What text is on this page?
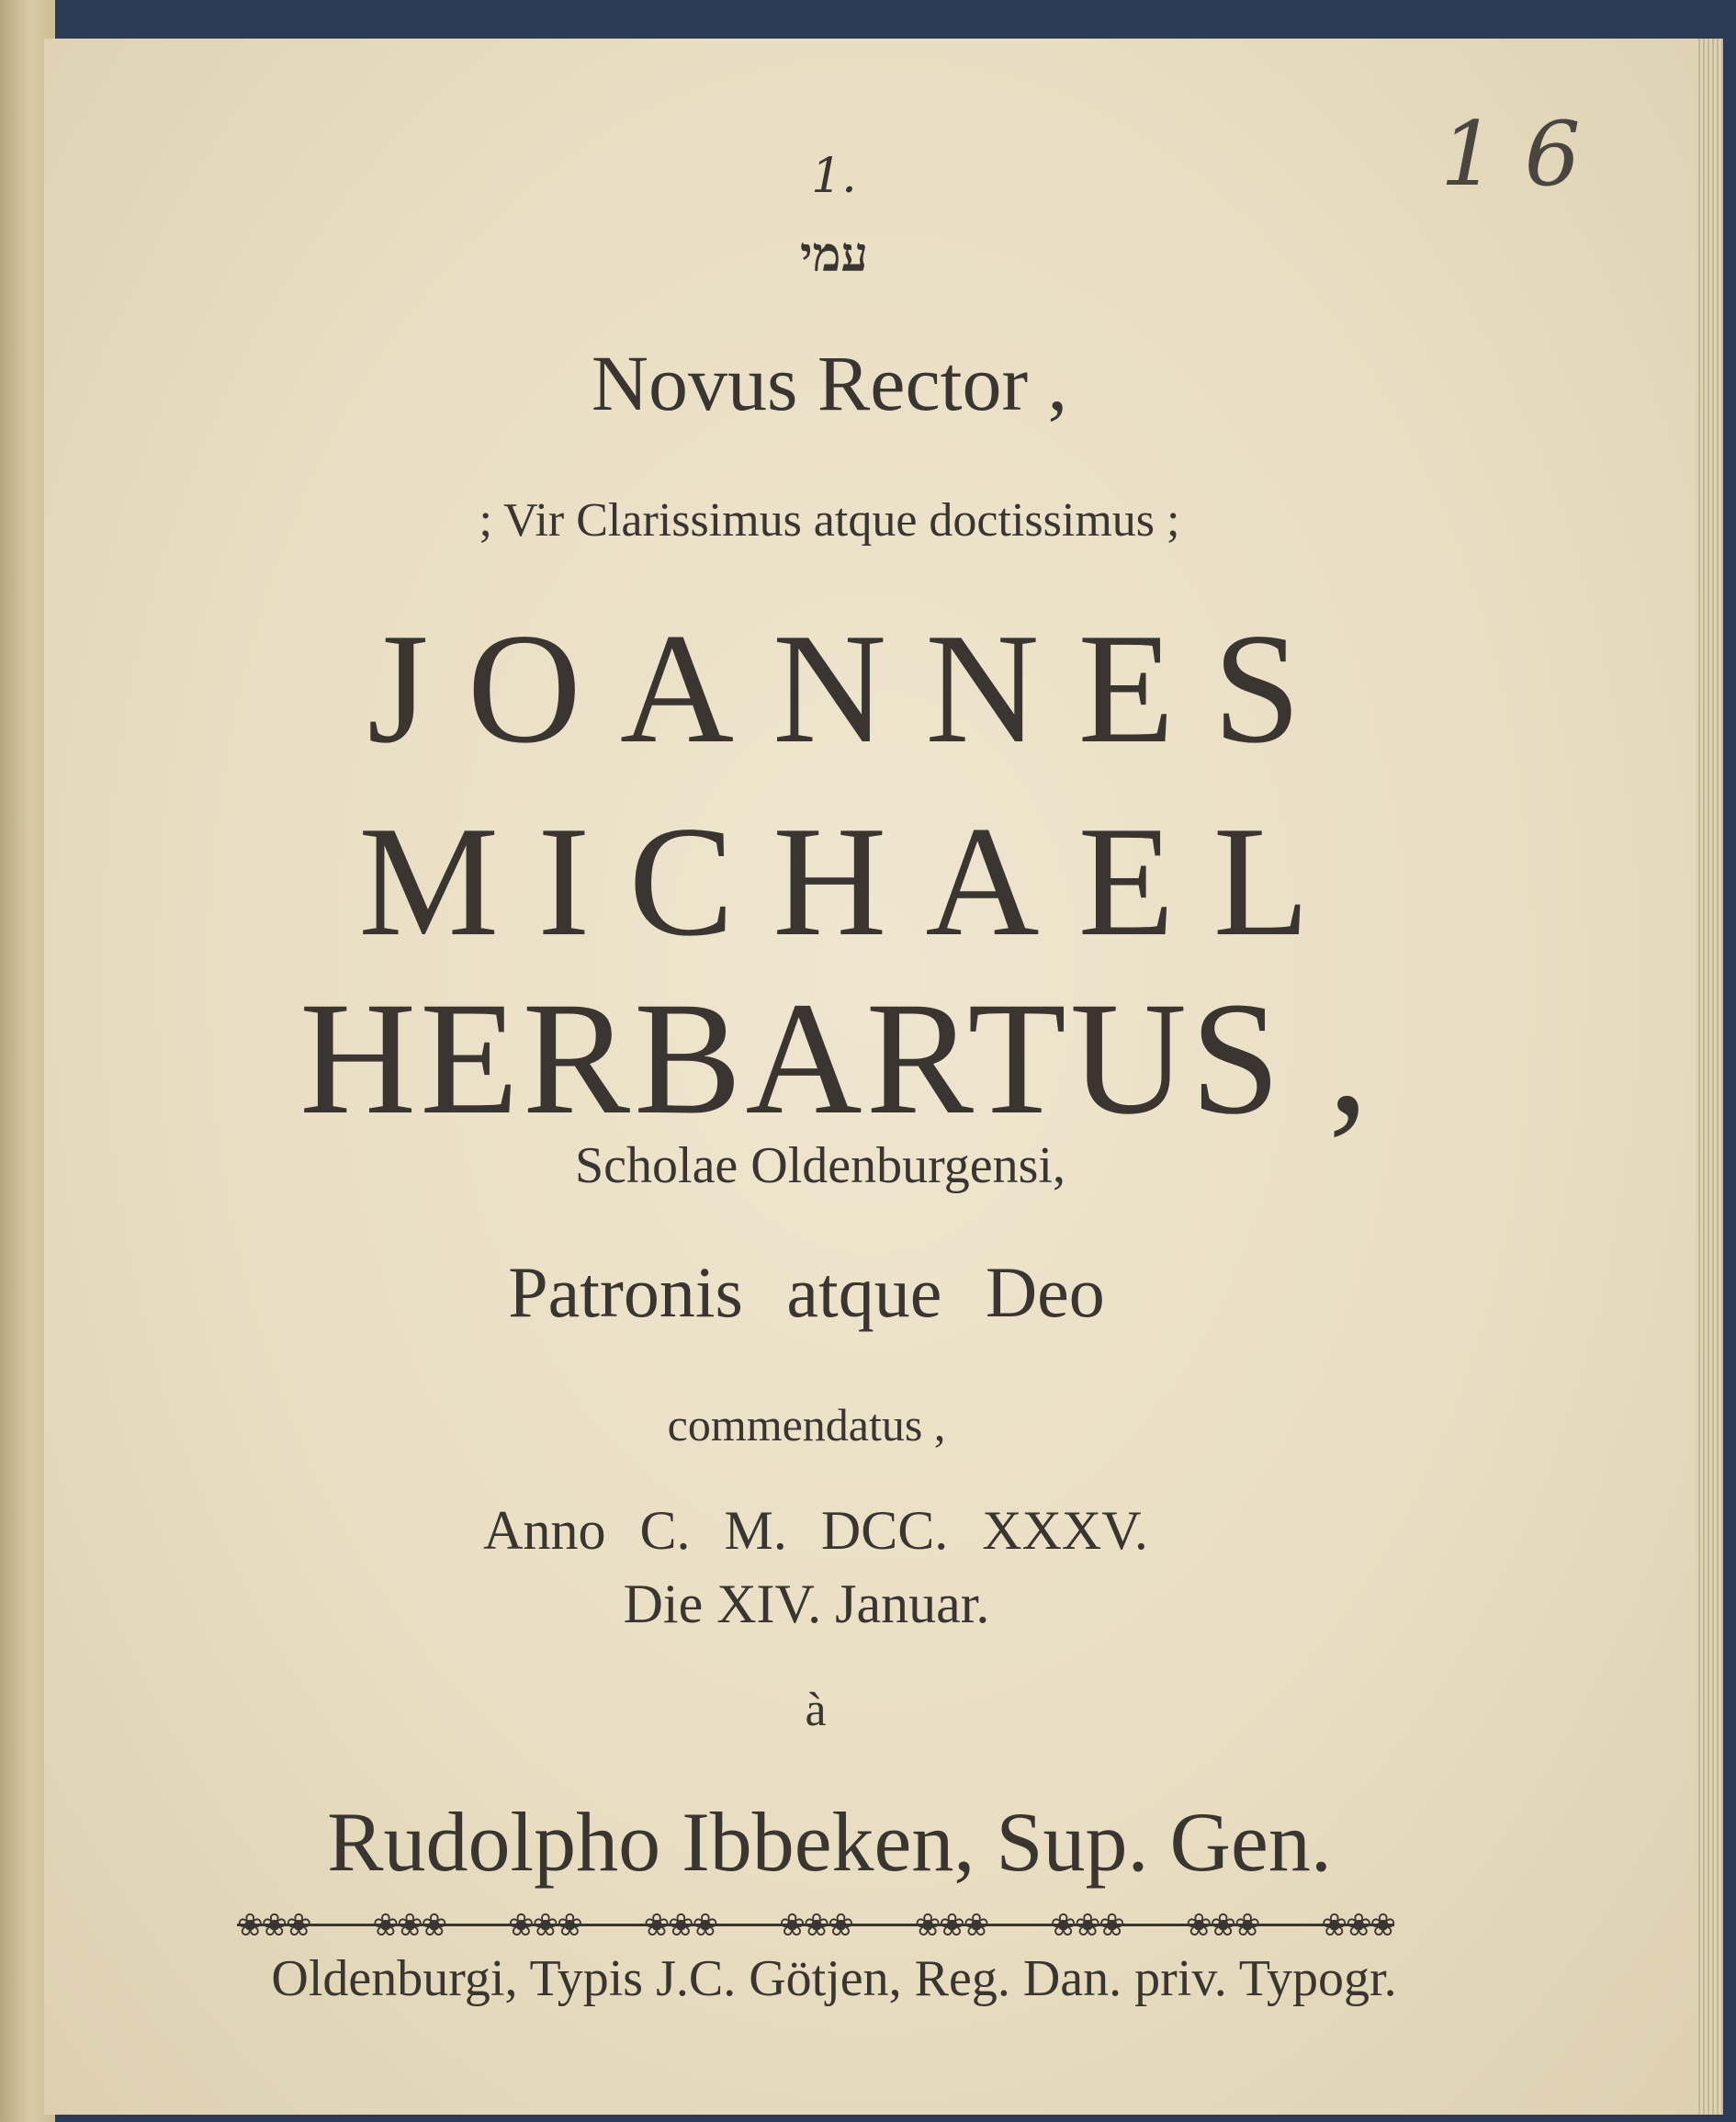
1 6
1.
עמי
Novus Rector ,
; Vir Clarissimus atque doctissimus ;
JOANNES
MICHAEL
HERBARTUS ,
Scholae Oldenburgensi,
Patronis atque Deo
commendatus ,
Anno C. M. DCC. XXXV.
Die XIV. Januar.
à
Rudolpho Ibbeken, Sup. Gen.
❀❀❀ ❀❀❀ ❀❀❀ ❀❀❀ ❀❀❀ ❀❀❀ ❀❀❀ ❀❀❀ ❀❀❀
Oldenburgi, Typis J.C. Götjen, Reg. Dan. priv. Typogr.
